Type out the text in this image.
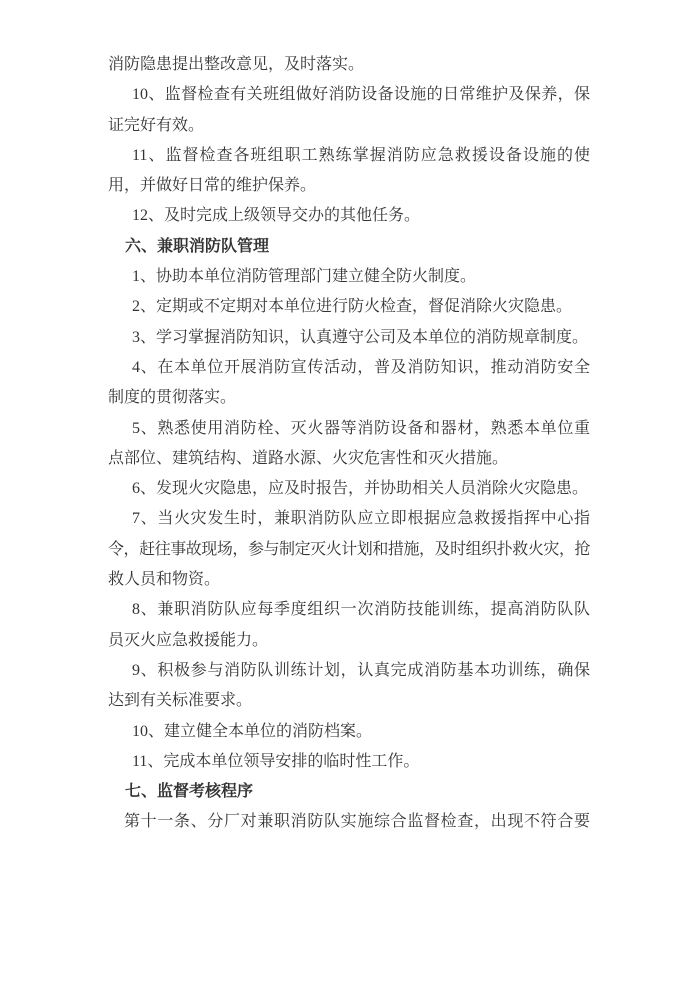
消防隐患提出整改意见，及时落实。
10、监督检查有关班组做好消防设备设施的日常维护及保养，保
证完好有效。
11、监督检查各班组职工熟练掌握消防应急救援设备设施的使
用，并做好日常的维护保养。
12、及时完成上级领导交办的其他任务。
六、兼职消防队管理
1、协助本单位消防管理部门建立健全防火制度。
2、定期或不定期对本单位进行防火检查，督促消除火灾隐患。
3、学习掌握消防知识，认真遵守公司及本单位的消防规章制度。
4、在本单位开展消防宣传活动，普及消防知识，推动消防安全
制度的贯彻落实。
5、熟悉使用消防栓、灭火器等消防设备和器材，熟悉本单位重
点部位、建筑结构、道路水源、火灾危害性和灭火措施。
6、发现火灾隐患，应及时报告，并协助相关人员消除火灾隐患。
7、当火灾发生时，兼职消防队应立即根据应急救援指挥中心指
令，赶往事故现场，参与制定灭火计划和措施，及时组织扑救火灾，抢
救人员和物资。
8、兼职消防队应每季度组织一次消防技能训练，提高消防队队
员灭火应急救援能力。
9、积极参与消防队训练计划，认真完成消防基本功训练，确保
达到有关标准要求。
10、建立健全本单位的消防档案。
11、完成本单位领导安排的临时性工作。
七、监督考核程序
第十一条、分厂对兼职消防队实施综合监督检查，出现不符合要
